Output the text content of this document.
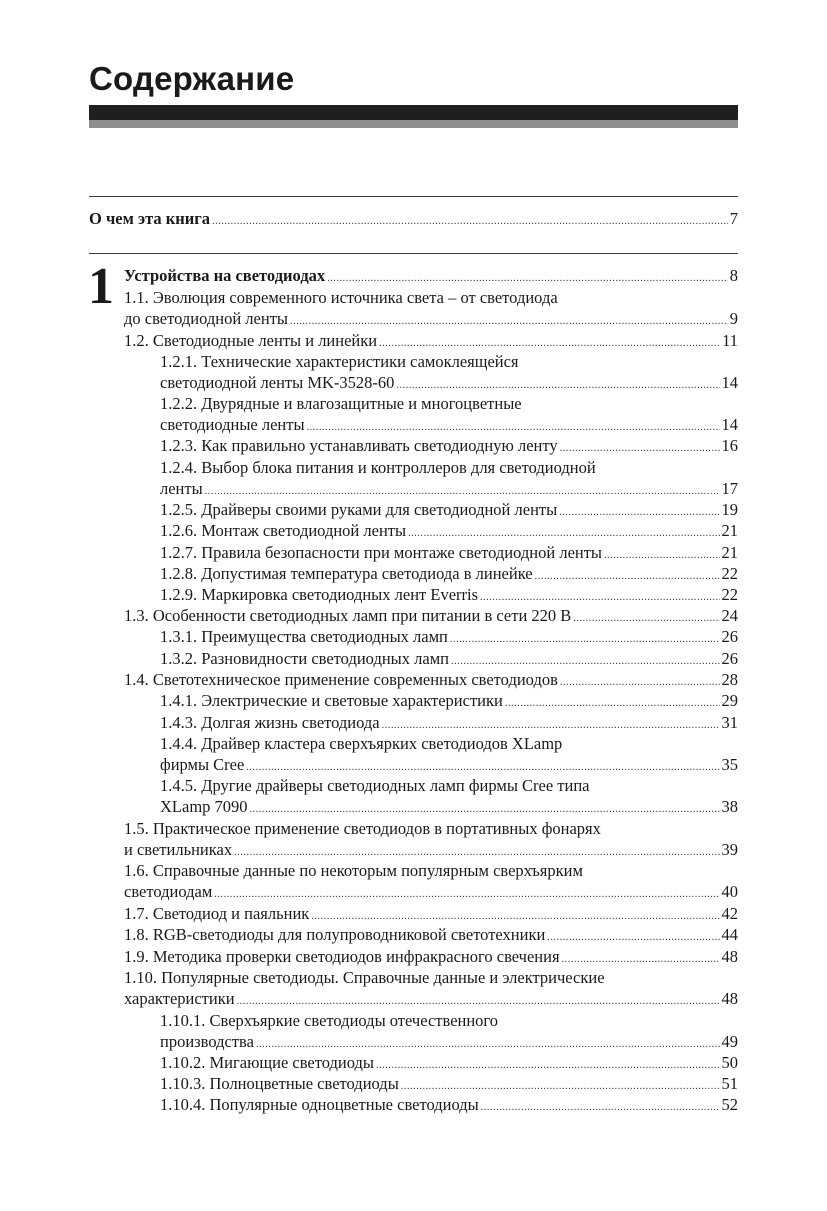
Содержание
1
О чем эта книга .....	7
Устройства на светодиодах .....	8
1.1. Эволюция современного источника света – от светодиода
до светодиодной ленты .....	9
1.2. Светодиодные ленты и линейки .....	11
1.2.1. Технические характеристики самоклеящейся
светодиодной ленты MK-3528-60 .....	14
1.2.2. Двурядные и влагозащитные и многоцветные
светодиодные ленты .....	14
1.2.3. Как правильно устанавливать светодиодную ленту .....	16
1.2.4. Выбор блока питания и контроллеров для светодиодной
ленты .....	17
1.2.5. Драйверы своими руками для светодиодной ленты .....	19
1.2.6. Монтаж светодиодной ленты .....	21
1.2.7. Правила безопасности при монтаже светодиодной ленты .....	21
1.2.8. Допустимая температура светодиода в линейке .....	22
1.2.9. Маркировка светодиодных лент Everris .....	22
1.3. Особенности светодиодных ламп при питании в сети 220 В .....	24
1.3.1. Преимущества светодиодных ламп .....	26
1.3.2. Разновидности светодиодных ламп .....	26
1.4. Светотехническое применение современных светодиодов .....	28
1.4.1. Электрические и световые характеристики .....	29
1.4.3. Долгая жизнь светодиода .....	31
1.4.4. Драйвер кластера сверхъярких светодиодов XLamp
фирмы Cree .....	35
1.4.5. Другие драйверы светодиодных ламп фирмы Cree типа
XLamp 7090 .....	38
1.5. Практическое применение светодиодов в портативных фонарях
и светильниках .....	39
1.6. Справочные данные по некоторым популярным сверхъярким
светодиодам .....	40
1.7. Светодиод и паяльник .....	42
1.8. RGB-светодиоды для полупроводниковой светотехники .....	44
1.9. Методика проверки светодиодов инфракрасного свечения .....	48
1.10. Популярные светодиоды. Справочные данные и электрические
характеристики .....	48
1.10.1. Сверхъяркие светодиоды отечественного
производства .....	49
1.10.2. Мигающие светодиоды .....	50
1.10.3. Полноцветные светодиоды .....	51
1.10.4. Популярные одноцветные светодиоды .....	52
